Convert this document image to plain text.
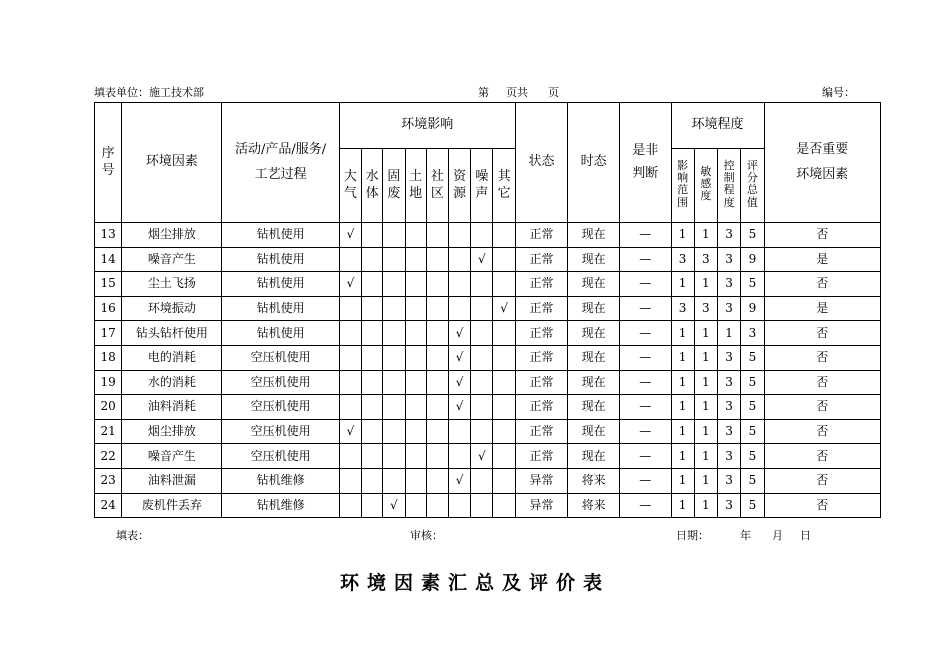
填表单位：施工技术部	第 页共 页	编号：
序号	环境因素	活动/产品/服务/工艺过程	环境影响								状态	时态	是非判断	环境程度				是否重要环境因素

			大气	水体	固废	土地	社区	资源	噪声	其它				影响范围	敏感度	控制程度	评分总值	
13	烟尘排放	钻机使用	√								正常	现在	—	1	1	3	5	否
14	噪音产生	钻机使用							√		正常	现在	—	3	3	3	9	是
15	尘土飞扬	钻机使用	√								正常	现在	—	1	1	3	5	否
16	环境振动	钻机使用								√	正常	现在	—	3	3	3	9	是
17	钻头钻杆使用	钻机使用						√			正常	现在	—	1	1	1	3	否
18	电的消耗	空压机使用						√			正常	现在	—	1	1	3	5	否
19	水的消耗	空压机使用						√			正常	现在	—	1	1	3	5	否
20	油料消耗	空压机使用						√			正常	现在	—	1	1	3	5	否
21	烟尘排放	空压机使用	√								正常	现在	—	1	1	3	5	否
22	噪音产生	空压机使用							√		正常	现在	—	1	1	3	5	否
23	油料泄漏	钻机维修						√			异常	将来	—	1	1	3	5	否
24	废机件丢弃	钻机维修			√						异常	将来	—	1	1	3	5	否
填表：	审核：	日期：	年 月 日
环境因素汇总及评价表
